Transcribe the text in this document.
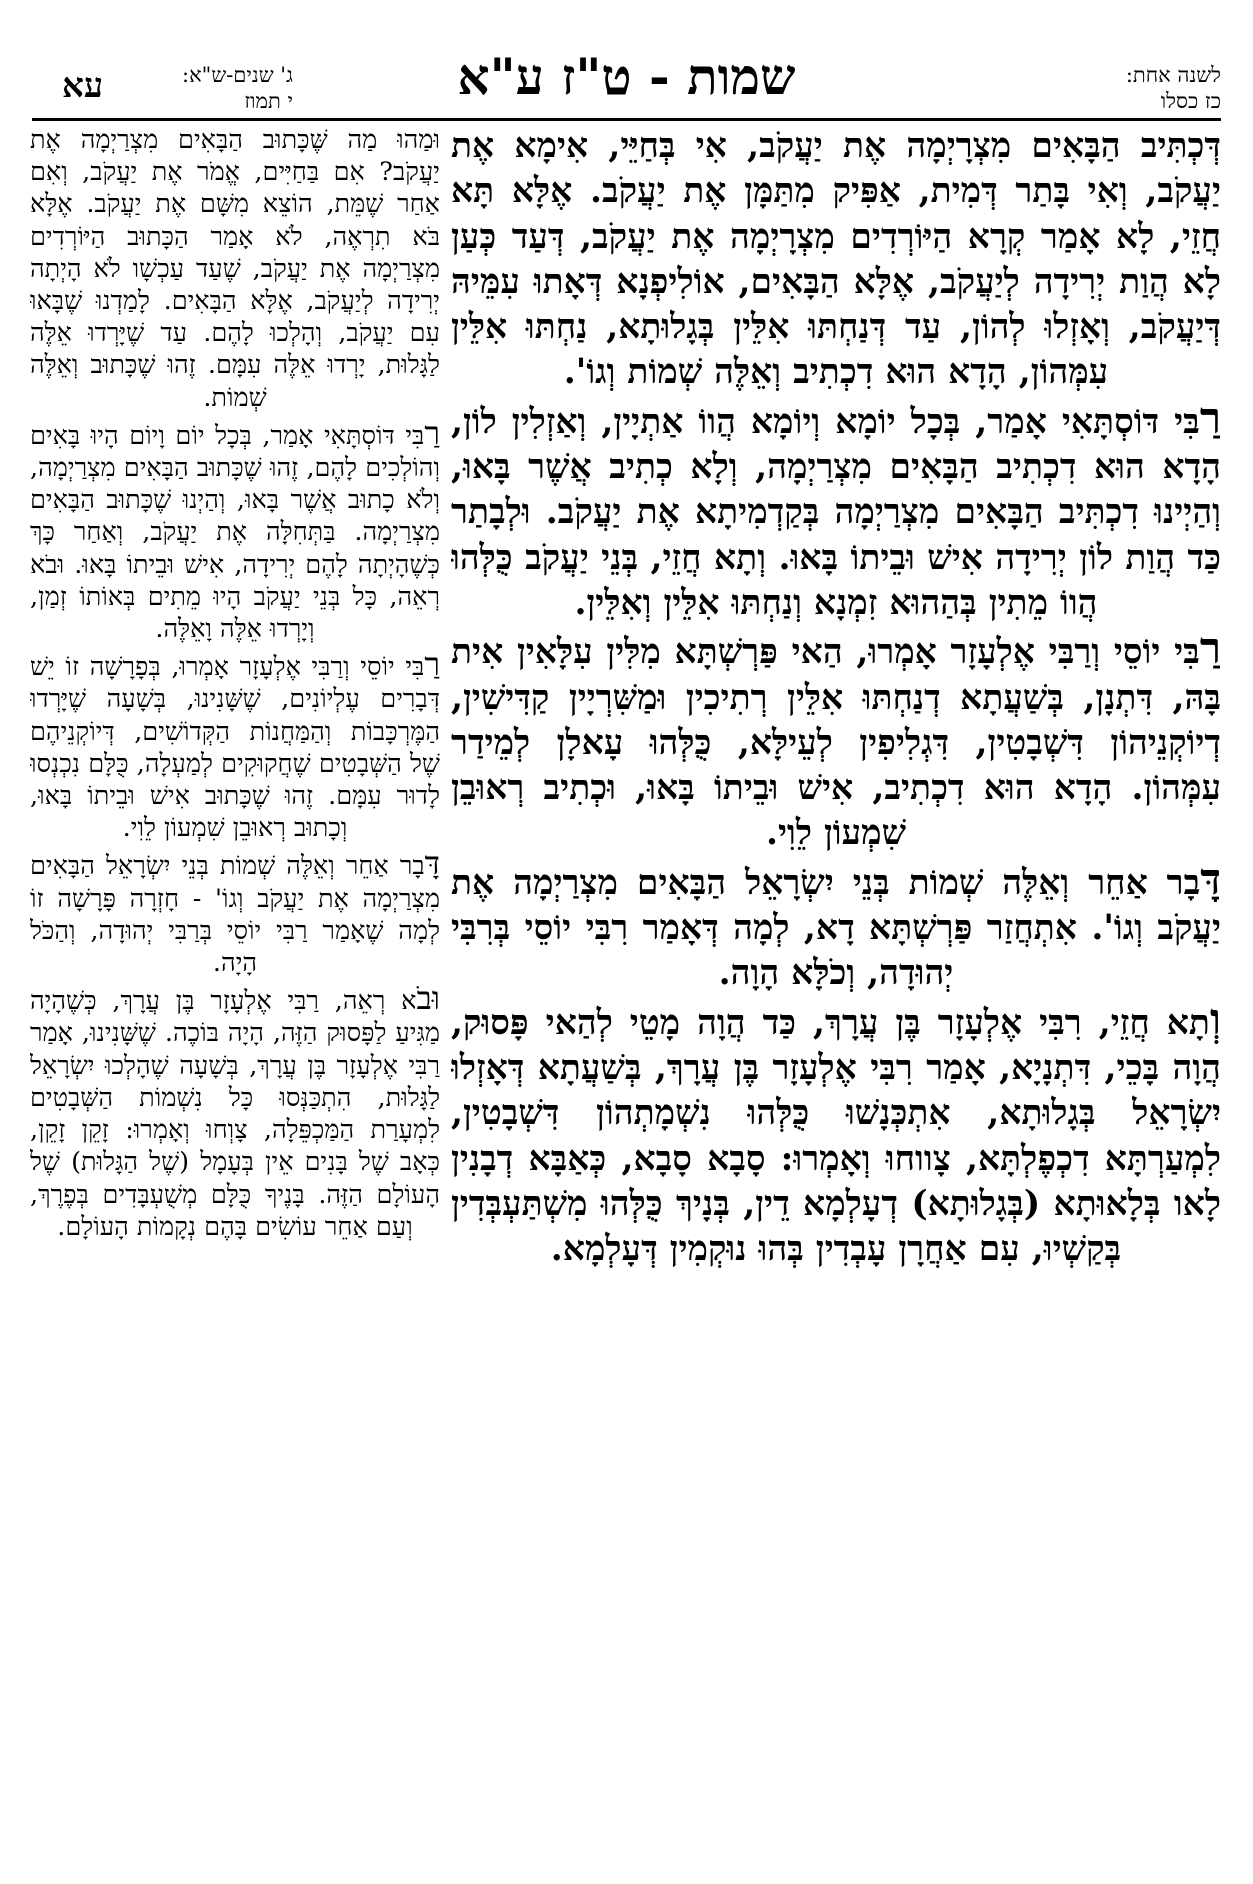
לשנה אחת:
כז כסלו
שמות - ט"ז ע"א
ג' שנים-ש"א:
י תמוז
עא

דְּכְתִּיב הַבָּאִים מִצְרָיְמָה אֶת יַעֲקֹב, אִי בְּחַיֵּי, אִימָא אֶת יַעֲקֹב, וְאִי בָּתַר דְּמִית, אַפִּיק מִתַּמָּן אֶת יַעֲקֹב. אֶלָּא תָּא חֲזֵי, לָא אָמַר קְרָא הַיּוֹרְדִים מִצְרָיְמָה אֶת יַעֲקֹב, דְּעַד כְּעַן לָא הֲוַת יְרִידָה לְיַעֲקֹב, אֶלָּא הַבָּאִים, אוֹלִיפְנָא דְּאָתוּ עִמֵּיהּ דְּיַעֲקֹב, וְאָזְלוּ לְהוֹן, עַד דְּנַחְתּוּ אִלֵּין בְּגָלוּתָא, נַחְתּוּ אִלֵּין עִמְּהוֹן, הָדָא הוּא דִכְתִיב וְאֵלֶּה שְׁמוֹת וְגוֹ'.

רַבִּי דּוֹסְתָּאִי אָמַר, בְּכָל יוֹמָא וְיוֹמָא הֲווֹ אַתְיָין, וְאַזְלִין לוֹן, הָדָא הוּא דִכְתִיב הַבָּאִים מִצְרַיְמָה, וְלָא כְתִיב אֲשֶׁר בָּאוּ, וְהַיְינוּ דִכְתִּיב הַבָּאִים מִצְרַיְמָה בְּקַדְמִיתָא אֶת יַעֲקֹב. וּלְבָתַר כַּד הֲוַת לוֹן יְרִידָה אִישׁ וּבֵיתוֹ בָּאוּ. וְתָא חֲזֵי, בְּנֵי יַעֲקֹב כֻּלְּהוּ הֲווֹ מֵתִין בְּהַהוּא זִמְנָא וְנַחְתּוּ אִלֵּין וְאִלֵּין.

רַבִּי יוֹסֵי וְרַבִּי אֶלְעָזָר אָמְרוּ, הַאי פַּרְשְׁתָּא מִלִּין עִלָּאִין אִית בָּהּ, דִּתְנָן, בְּשַׁעֲתָא דְנַחְתּוּ אִלֵּין רְתִיכִין וּמַשִּׁרְיָין קַדִּישִׁין, דְיוֹקְנֵיהוֹן דִּשְׁבָטִין, דִּגְלִיפִין לְעֵילָּא, כֻּלְּהוּ עָאלָן לְמֵידַר עִמְּהוֹן. הָדָא הוּא דִכְתִיב, אִישׁ וּבֵיתוֹ בָּאוּ, וּכְתִיב רְאוּבֵן שִׁמְעוֹן לֵוִי.

דָּבָר אַחֵר וְאֵלֶּה שְׁמוֹת בְּנֵי יִשְׂרָאֵל הַבָּאִים מִצְרַיְמָה אֶת יַעֲקֹב וְגוֹ'. אִתְחֲזַר פַּרְשְׁתָּא דָא, לְמָה דְּאָמַר רִבִּי יוֹסֵי בְּרִבִּי יְהוּדָה, וְכֹלָּא הָוָה.

וְתָא חֲזֵי, רִבִּי אֶלְעָזָר בֶּן עֲרָךְ, כַּד הֲוָה מָטֵי לְהַאי פָּסוּק, הֲוָה בָּכֵי, דִּתְנָיָא, אָמַר רִבִּי אֶלְעָזָר בֶּן עֲרָךְ, בְּשַׁעֲתָא דְּאָזְלוּ יִשְׂרָאֵל בְּגָלוּתָא, אִתְכְּנָשׁוּ כֻּלְּהוּ נִשְׁמָתְהוֹן דִּשְׁבָטִין, לִמְעַרְתָּא דִכְפֶלְתָּא, צָווחוּ וְאָמְרוּ: סָבָא סָבָא, כְּאַבָּא דְבָנִין לָאו בְּלָאוּתָא (בְּגָלוּתָא) דְעָלְמָא דֵין, בְּנָיךְ כֻּלְּהוּ מִשְׁתַּעְבְּדִין בְּקַשְׁיוּ, עִם אַחֲרָן עָבְדִין בְּהוּ נוּקְמִין דְּעָלְמָא.

וּמַהוּ מַה שֶּׁכָּתוּב הַבָּאִים מִצְרַיְמָה אֶת יַעֲקֹב? אִם בַּחַיִּים, אֱמֹר אֶת יַעֲקֹב, וְאִם אַחַר שֶׁמֵּת, הוֹצֵא מִשָּׁם אֶת יַעֲקֹב. אֶלָּא בֹּא תִרְאֶה, לֹא אָמַר הַכָּתוּב הַיּוֹרְדִים מִצְרַיְמָה אֶת יַעֲקֹב, שֶׁעַד עַכְשָׁו לֹא הָיְתָה יְרִידָה לְיַעֲקֹב, אֶלָּא הַבָּאִים. לָמַדְנוּ שֶׁבָּאוּ עִם יַעֲקֹב, וְהָלְכוּ לָהֶם. עַד שֶׁיָּרְדוּ אֵלֶּה לַגָּלוּת, יָרְדוּ אֵלֶּה עִמָּם. זֶהוּ שֶׁכָּתוּב וְאֵלֶּה שְׁמוֹת.

רַבִּי דּוֹסְתָּאִי אָמַר, בְּכָל יוֹם וָיוֹם הָיוּ בָּאִים וְהוֹלְכִים לָהֶם, זֶהוּ שֶׁכָּתוּב הַבָּאִים מִצְרַיְמָה, וְלֹא כָתוּב אֲשֶׁר בָּאוּ, וְהַיְנוּ שֶׁכָּתוּב הַבָּאִים מִצְרַיְמָה. בַּתְּחִלָּה אֶת יַעֲקֹב, וְאַחַר כָּךְ כְּשֶׁהָיְתָה לָהֶם יְרִידָה, אִישׁ וּבֵיתוֹ בָּאוּ. וּבֹא רְאֵה, כָּל בְּנֵי יַעֲקֹב הָיוּ מֵתִים בְּאוֹתוֹ זְמַן, וְיָרְדוּ אֵלֶּה וָאֵלֶּה.

רַבִּי יוֹסֵי וְרַבִּי אֶלְעָזָר אָמְרוּ, בְּפָרָשָׁה זוֹ יֵשׁ דְּבָרִים עֶלְיוֹנִים, שֶׁשָּׁנִינוּ, בְּשָׁעָה שֶׁיָּרְדוּ הַמֶּרְכָּבוֹת וְהַמַּחֲנוֹת הַקְּדוֹשִׁים, דְּיוֹקְנֵיהֶם שֶׁל הַשְּׁבָטִים שֶׁחֲקוּקִים לְמַעְלָה, כֻּלָּם נִכְנְסוּ לָדוּר עִמָּם. זֶהוּ שֶׁכָּתוּב אִישׁ וּבֵיתוֹ בָּאוּ, וְכָתוּב רְאוּבֵן שִׁמְעוֹן לֵוִי.

דָּבָר אַחֵר וְאֵלֶּה שְׁמוֹת בְּנֵי יִשְׂרָאֵל הַבָּאִים מִצְרַיְמָה אֶת יַעֲקֹב וְגוֹ' - חָזְרָה פָּרָשָׁה זוֹ לְמָה שֶׁאָמַר רַבִּי יוֹסֵי בְּרַבִּי יְהוּדָה, וְהַכֹּל הָיָה.

וּבֹא רְאֵה, רַבִּי אֶלְעָזָר בֶּן עֲרָךְ, כְּשֶׁהָיָה מַגִּיעַ לַפָּסוּק הַזֶּה, הָיָה בּוֹכֶה. שֶׁשָּׁנִינוּ, אָמַר רַבִּי אֶלְעָזָר בֶּן עֲרָךְ, בְּשָׁעָה שֶׁהָלְכוּ יִשְׂרָאֵל לַגָּלוּת, הִתְכַּנְּסוּ כָּל נִשְׁמוֹת הַשְּׁבָטִים לִמְעָרַת הַמַּכְפֵּלָה, צָוְחוּ וְאָמְרוּ: זָקֵן זָקֵן, כְּאָב שֶׁל בָּנִים אֵין בְּעָמָל (שֶׁל הַגָּלוּת) שֶׁל הָעוֹלָם הַזֶּה. בָּנֶיךָ כֻּלָּם מְשֻׁעְבָּדִים בְּפֶרֶךְ, וְעַם אַחֵר עוֹשִׂים בָּהֶם נְקָמוֹת הָעוֹלָם.
